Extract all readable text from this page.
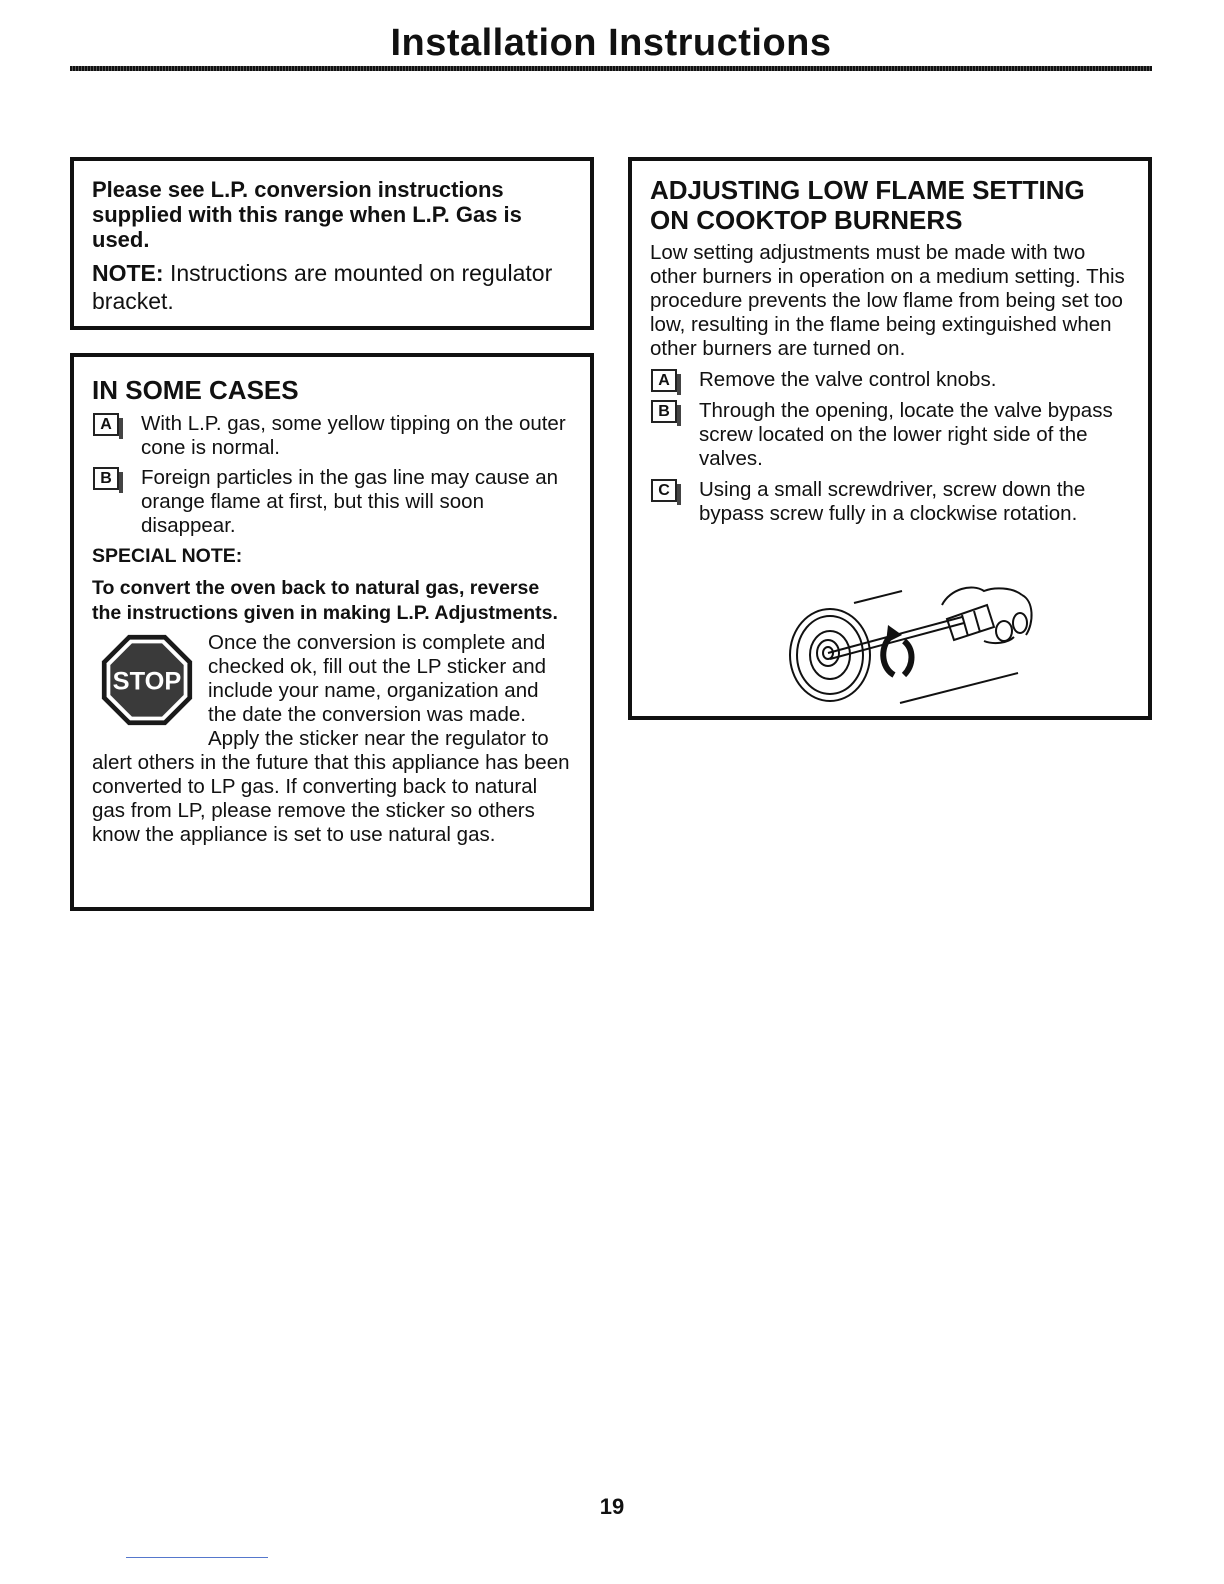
Installation Instructions

Please see L.P. conversion instructions supplied with this range when L.P. Gas is used.

NOTE: Instructions are mounted on regulator bracket.

IN SOME CASES
A	With L.P. gas, some yellow tipping on the outer cone is normal.
B	Foreign particles in the gas line may cause an orange flame at first, but this will soon disappear.

SPECIAL NOTE:

To convert the oven back to natural gas, reverse the instructions given in making L.P. Adjustments.

STOP

Once the conversion is complete and checked ok, fill out the LP sticker and include your name, organization and the date the conversion was made. Apply the sticker near the regulator to alert others in the future that this appliance has been converted to LP gas. If converting back to natural gas from LP, please remove the sticker so others know the appliance is set to use natural gas.

ADJUSTING LOW FLAME SETTING ON COOKTOP BURNERS

Low setting adjustments must be made with two other burners in operation on a medium setting. This procedure prevents the low flame from being set too low, resulting in the flame being extinguished when other burners are turned on.

A	Remove the valve control knobs.
B	Through the opening, locate the valve bypass screw located on the lower right side of the valves.
C	Using a small screwdriver, screw down the bypass screw fully in a clockwise rotation.
19
